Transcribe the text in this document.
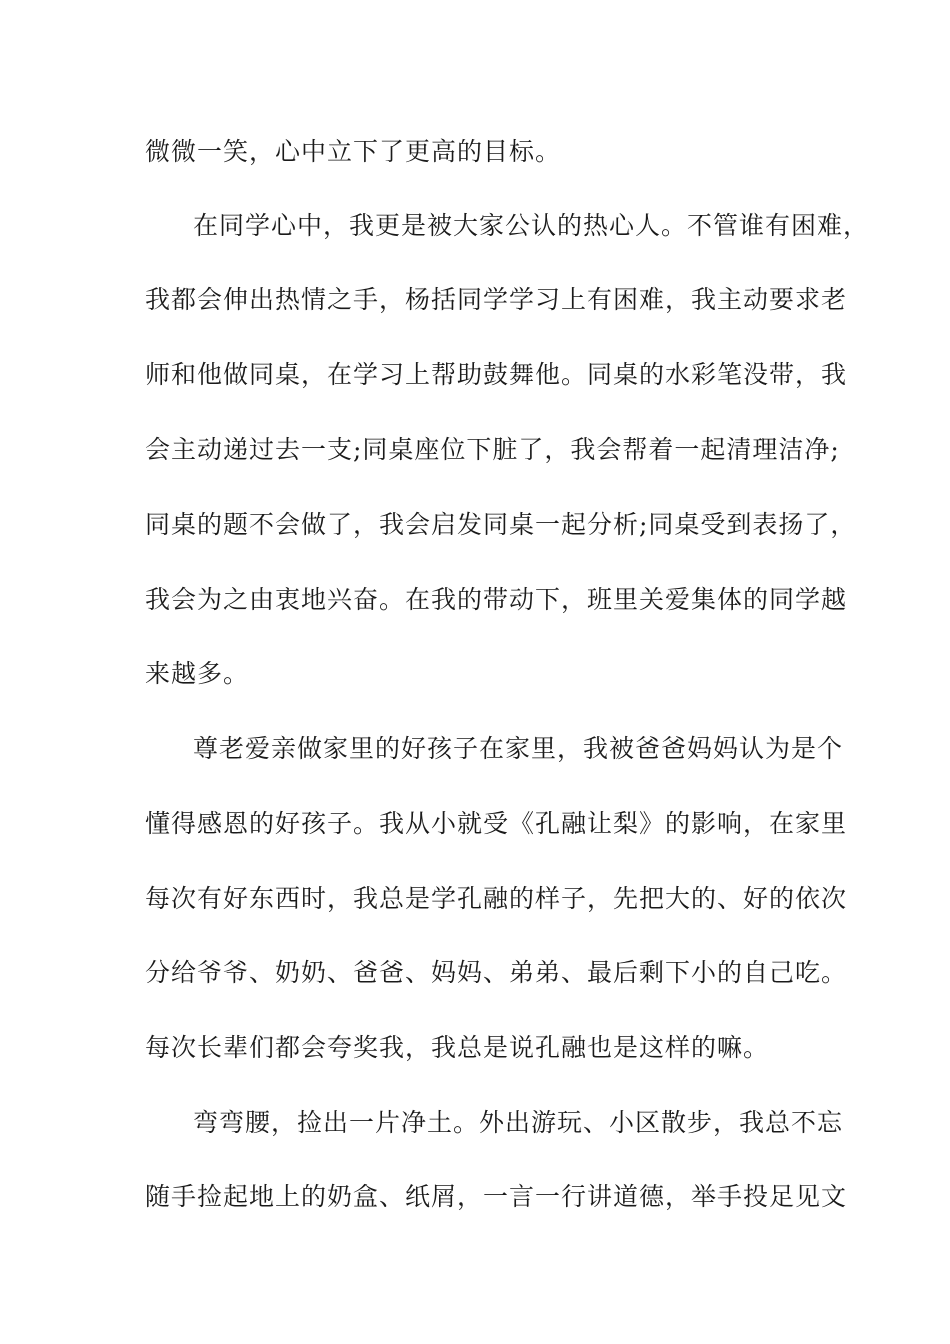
微微一笑，心中立下了更高的目标。
在同学心中，我更是被大家公认的热心人。不管谁有困难，
我都会伸出热情之手，杨括同学学习上有困难，我主动要求老
师和他做同桌，在学习上帮助鼓舞他。同桌的水彩笔没带，我
会主动递过去一支;同桌座位下脏了，我会帮着一起清理洁净;
同桌的题不会做了，我会启发同桌一起分析;同桌受到表扬了，
我会为之由衷地兴奋。在我的带动下，班里关爱集体的同学越
来越多。
尊老爱亲做家里的好孩子在家里，我被爸爸妈妈认为是个
懂得感恩的好孩子。我从小就受《孔融让梨》的影响，在家里
每次有好东西时，我总是学孔融的样子，先把大的、好的依次
分给爷爷、奶奶、爸爸、妈妈、弟弟、最后剩下小的自己吃。
每次长辈们都会夸奖我，我总是说孔融也是这样的嘛。
弯弯腰，捡出一片净土。外出游玩、小区散步，我总不忘
随手捡起地上的奶盒、纸屑，一言一行讲道德，举手投足见文
